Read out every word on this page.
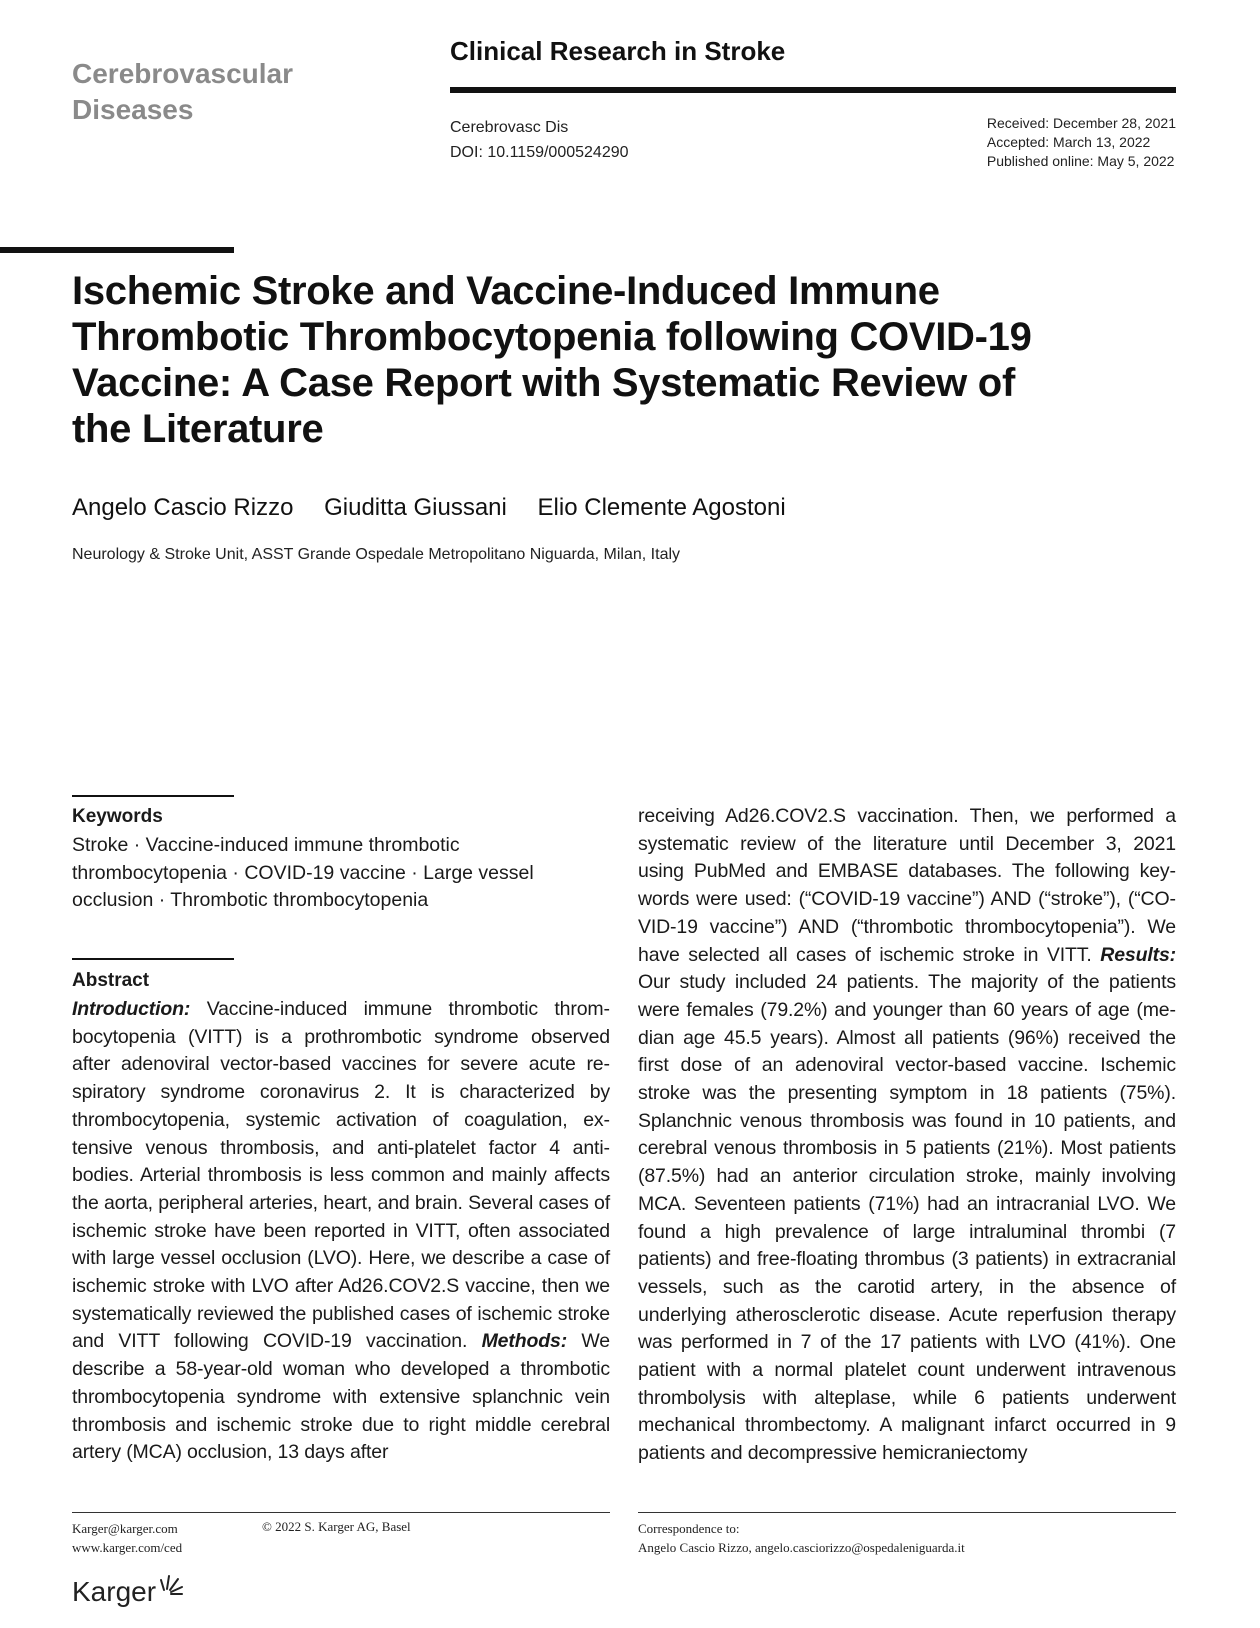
Cerebrovascular
Diseases
Clinical Research in Stroke
Cerebrovasc Dis
DOI: 10.1159/000524290
Received: December 28, 2021
Accepted: March 13, 2022
Published online: May 5, 2022
Ischemic Stroke and Vaccine-Induced Immune Thrombotic Thrombocytopenia following COVID-19 Vaccine: A Case Report with Systematic Review of the Literature
Angelo Cascio Rizzo Giuditta Giussani Elio Clemente Agostoni
Neurology & Stroke Unit, ASST Grande Ospedale Metropolitano Niguarda, Milan, Italy
Keywords
Stroke · Vaccine-induced immune thrombotic thrombocytopenia · COVID-19 vaccine · Large vessel occlusion · Thrombotic thrombocytopenia
Abstract

Introduction: Vaccine-induced immune thrombotic thrombocytopenia (VITT) is a prothrombotic syndrome observed after adenoviral vector-based vaccines for severe acute respiratory syndrome coronavirus 2. It is characterized by thrombocytopenia, systemic activation of coagulation, extensive venous thrombosis, and anti-platelet factor 4 antibodies. Arterial thrombosis is less common and mainly affects the aorta, peripheral arteries, heart, and brain. Several cases of ischemic stroke have been reported in VITT, often associated with large vessel occlusion (LVO). Here, we describe a case of ischemic stroke with LVO after Ad26.COV2.S vaccine, then we systematically reviewed the published cases of ischemic stroke and VITT following COVID-19 vaccination. Methods: We describe a 58-year-old woman who developed a thrombotic thrombocytopenia syndrome with extensive splanchnic vein thrombosis and ischemic stroke due to right middle cerebral artery (MCA) occlusion, 13 days after

receiving Ad26.COV2.S vaccination. Then, we performed a systematic review of the literature until December 3, 2021 using PubMed and EMBASE databases. The following keywords were used: (“COVID-19 vaccine”) AND (“stroke”), (“COVID-19 vaccine”) AND (“thrombotic thrombocytopenia”). We have selected all cases of ischemic stroke in VITT. Results: Our study included 24 patients. The majority of the patients were females (79.2%) and younger than 60 years of age (median age 45.5 years). Almost all patients (96%) received the first dose of an adenoviral vector-based vaccine. Ischemic stroke was the presenting symptom in 18 patients (75%). Splanchnic venous thrombosis was found in 10 patients, and cerebral venous thrombosis in 5 patients (21%). Most patients (87.5%) had an anterior circulation stroke, mainly involving MCA. Seventeen patients (71%) had an intracranial LVO. We found a high prevalence of large intraluminal thrombi (7 patients) and free-floating thrombus (3 patients) in extracranial vessels, such as the carotid artery, in the absence of underlying atherosclerotic disease. Acute reperfusion therapy was performed in 7 of the 17 patients with LVO (41%). One patient with a normal platelet count underwent intravenous thrombolysis with alteplase, while 6 patients underwent mechanical thrombectomy. A malignant infarct occurred in 9 patients and decompressive hemicraniectomy

Karger@karger.com
www.karger.com/ced
© 2022 S. Karger AG, Basel	Correspondence to:
Angelo Cascio Rizzo, angelo.casciorizzo@ospedaleniguarda.it
Karger
